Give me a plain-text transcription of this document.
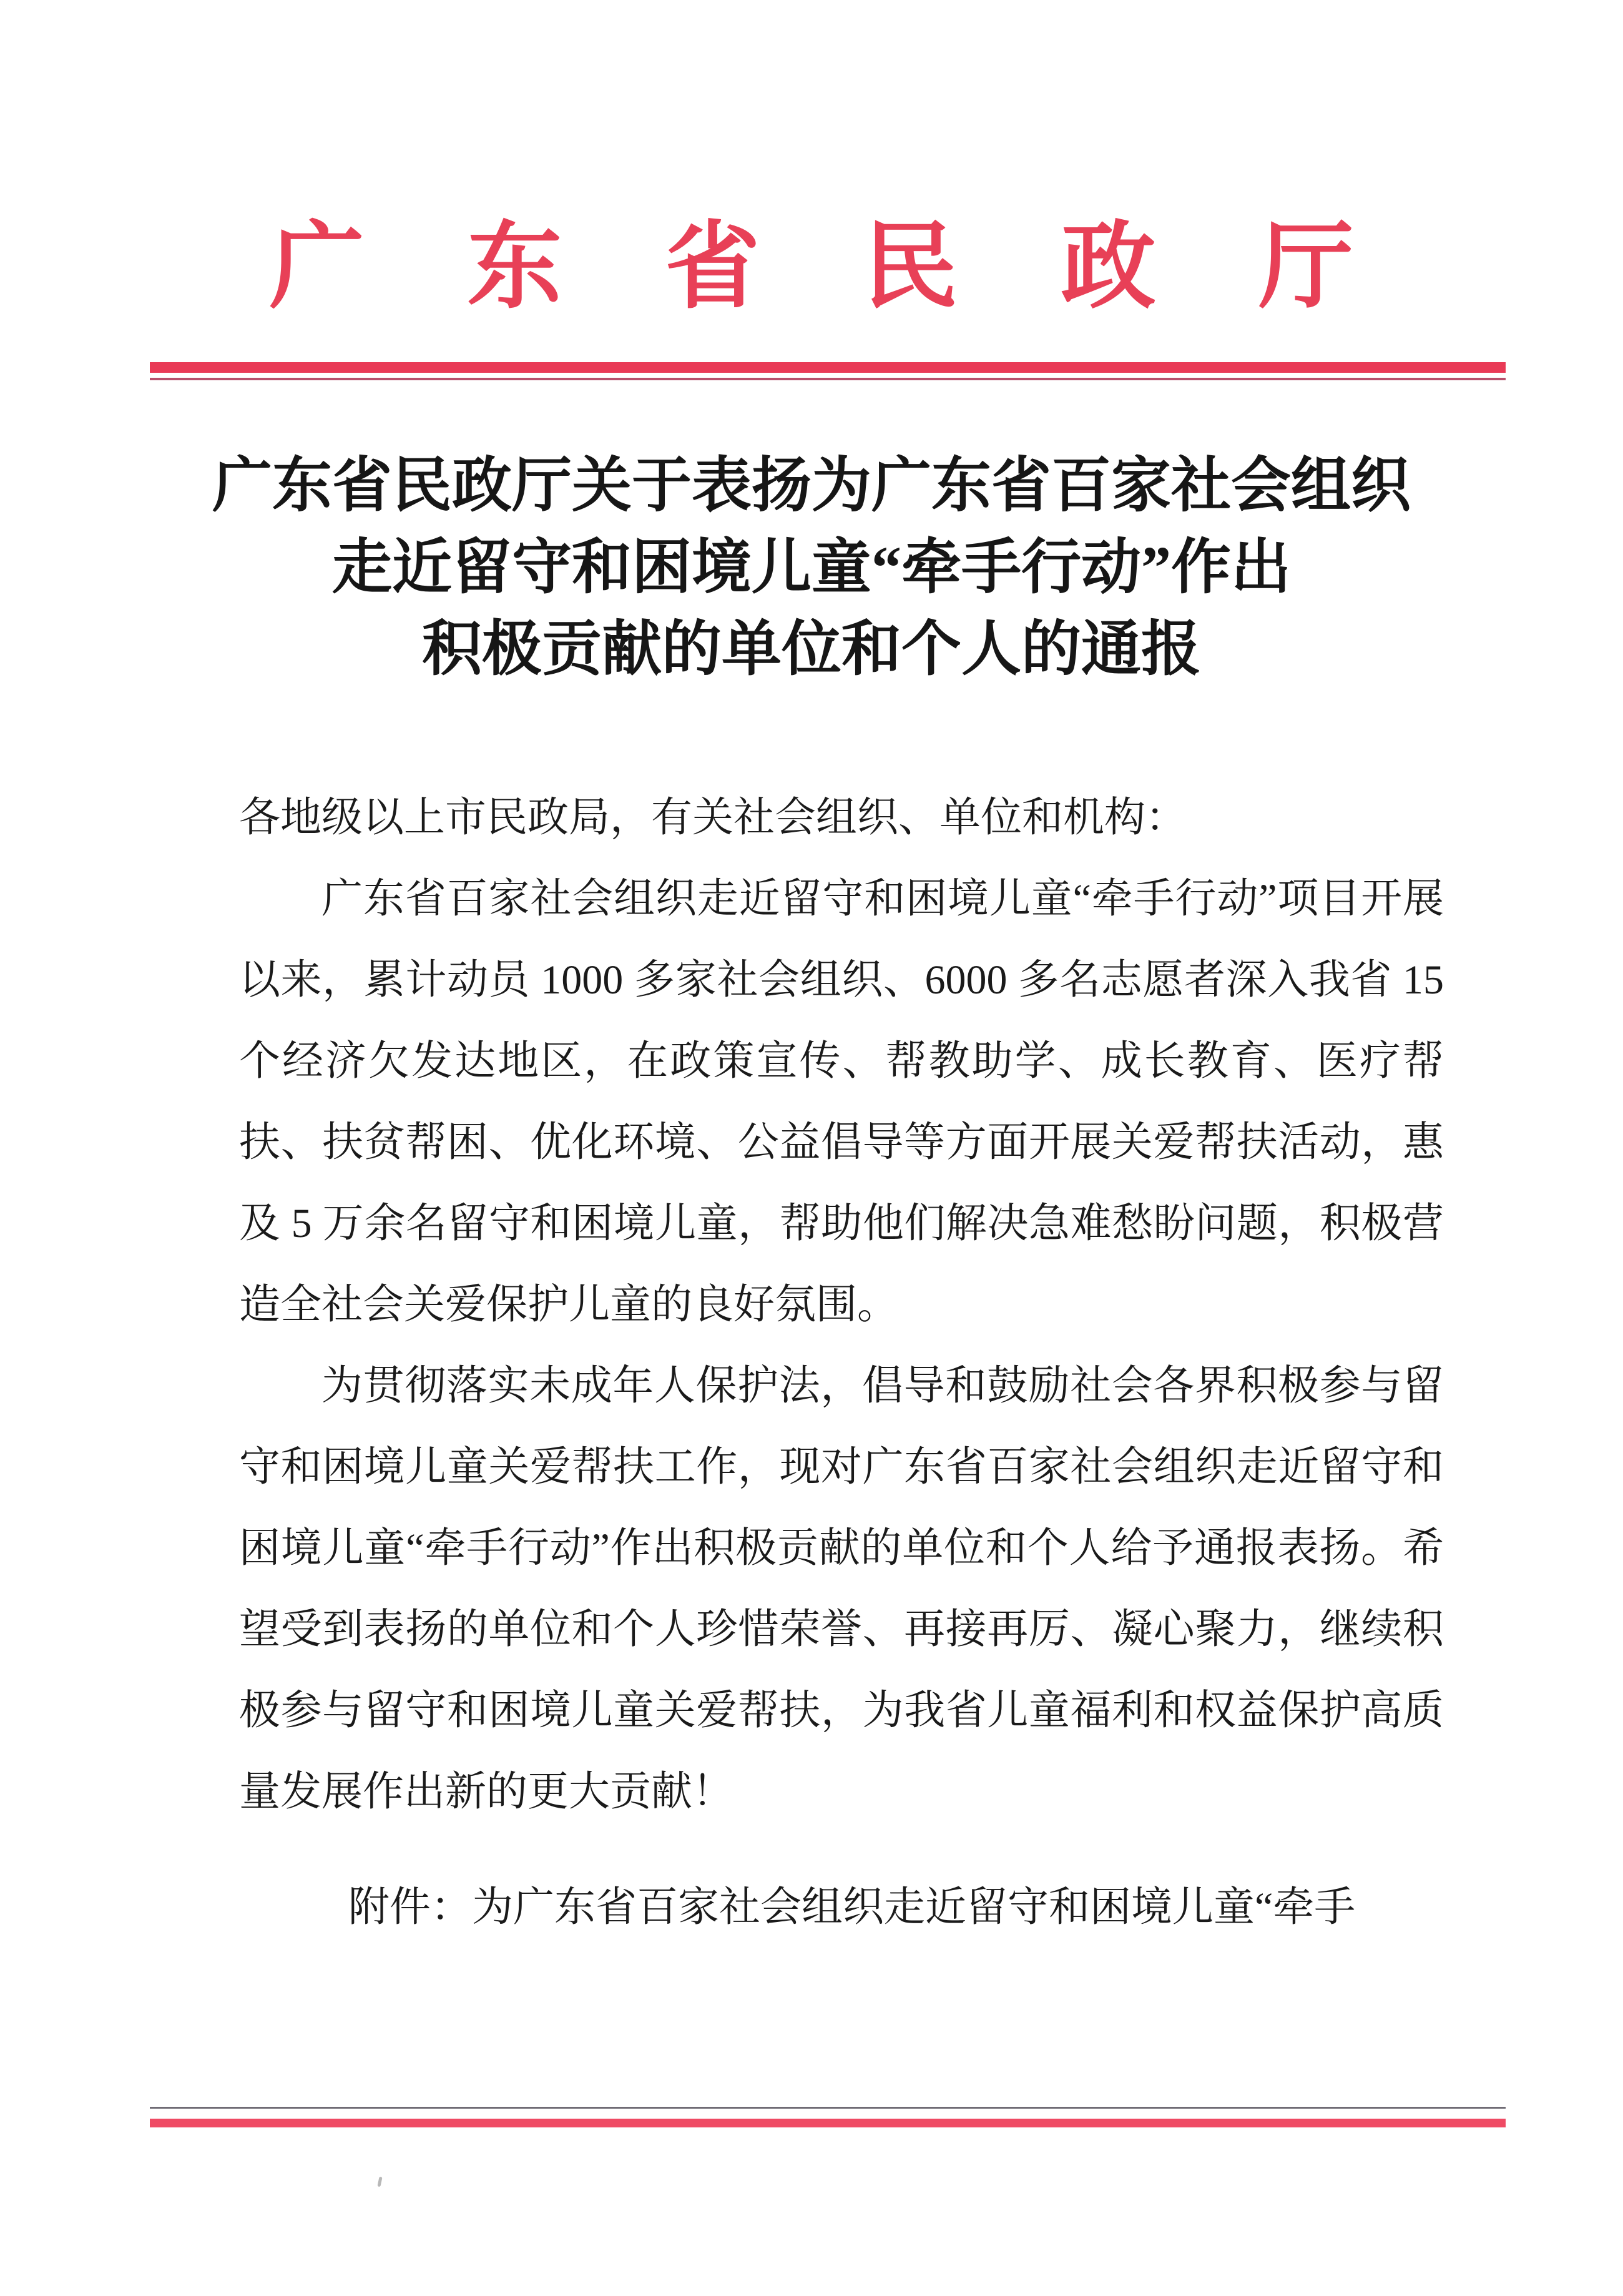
广东省民政厅
广东省民政厅关于表扬为广东省百家社会组织
走近留守和困境儿童“牵手行动”作出
积极贡献的单位和个人的通报

各地级以上市民政局，有关社会组织、单位和机构：

广东省百家社会组织走近留守和困境儿童“牵手行动”项目开展以来，累计动员 1000 多家社会组织、6000 多名志愿者深入我省 15 个经济欠发达地区，在政策宣传、帮教助学、成长教育、医疗帮扶、扶贫帮困、优化环境、公益倡导等方面开展关爱帮扶活动，惠及 5 万余名留守和困境儿童，帮助他们解决急难愁盼问题，积极营造全社会关爱保护儿童的良好氛围。

为贯彻落实未成年人保护法，倡导和鼓励社会各界积极参与留守和困境儿童关爱帮扶工作，现对广东省百家社会组织走近留守和困境儿童“牵手行动”作出积极贡献的单位和个人给予通报表扬。希望受到表扬的单位和个人珍惜荣誉、再接再厉、凝心聚力，继续积极参与留守和困境儿童关爱帮扶，为我省儿童福利和权益保护高质量发展作出新的更大贡献！

附件：为广东省百家社会组织走近留守和困境儿童“牵手
